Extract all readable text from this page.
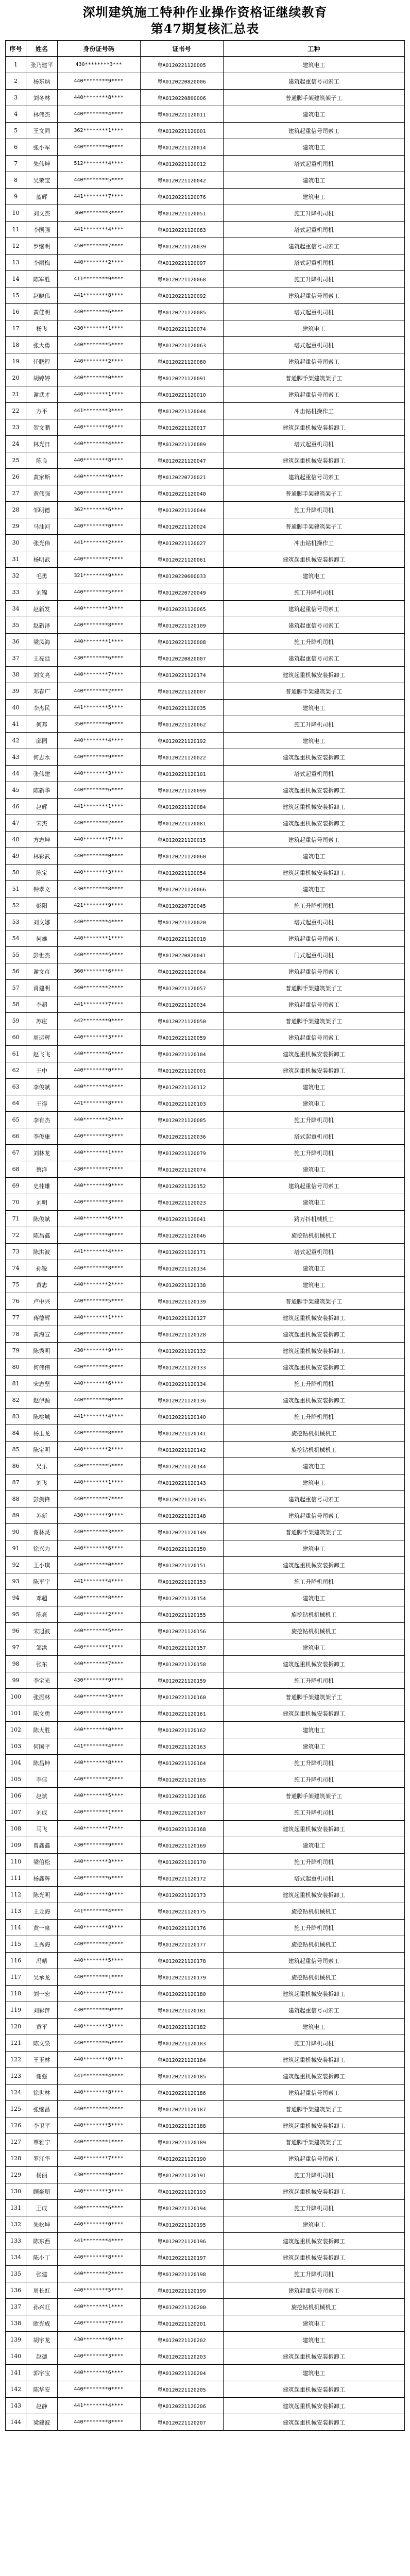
深圳建筑施工特种作业操作资格证继续教育
第47期复核汇总表
序号	姓名	身份证号码	证书号	工种
1	张乃建平	430********3***	粤A0120221120005	建筑电工
2	杨东炳	440********9****	粤A0120220820006	建筑起重信号司索工
3	刘冬林	440********8****	粤A0120220800006	普通脚手架建筑架子工
4	林伟杰	440********4****	粤A0120221120011	建筑电工
5	王文同	362********1****	粤A0120221120001	建筑起重信号司索工
6	张小军	440********0****	粤A0120221120014	建筑电工
7	朱伟坤	512********4****	粤A0120221120012	塔式起重机司机
8	吴荣宝	440********5****	粤A0120221120042	建筑电工
9	蓝辉	441********7****	粤A0120221120076	建筑电工
10	刘文杰	360********3****	粤A0120221120051	施工升降机司机
11	李国强	441********4****	粤A0120221120083	塔式起重机司机
12	罗继明	450********7****	粤A0120221120039	建筑起重信号司索工
13	李丽梅	440********2****	粤A0120221120097	塔式起重机司机
14	陈军胜	411********9****	粤A0120221120068	施工升降机司机
15	赵晓伟	441********8****	粤A0120221120092	建筑起重信号司索工
16	黄佳明	440********6****	粤A0120221120085	塔式起重机司机
17	杨飞	430********1****	粤A0120221120074	建筑电工
18	张大勇	440********5****	粤A0120221120063	塔式起重机司机
19	任鹏程	440********2****	粤A0120221120080	建筑起重信号司索工
20	胡婷婷	440********0****	粤A0120221120091	普通脚手架建筑架子工
21	谢武才	440********1****	粤A0120221120010	建筑起重信号司索工
22	方平	441********3****	粤A0120221120044	冲击钻机操作工
23	贺文鹏	440********6****	粤A0120221120017	建筑起重机械安装拆卸工
24	林光日	440********4****	粤A0120221120089	塔式起重机司机
25	陈良	440********8****	粤A0120221120047	建筑起重机械安装拆卸工
26	黄家斯	440********9****	粤A0120220720021	建筑起重信号司索工
27	黄伟强	430********1****	粤A0120221120040	普通脚手架建筑架子工
28	邹明德	362********6****	粤A0120221120044	施工升降机司机
29	马汕河	440********0****	粤A0120221120024	普通脚手架建筑架子工
30	张光伟	441********2****	粤A0120221120027	冲击钻机操作工
31	杨明武	440********7****	粤A0120221120061	建筑起重机械安装拆卸工
32	毛勇	321********9****	粤A0120220600033	建筑电工
33	刘锦	440********5****	粤A0120220720049	施工升降机司机
34	赵新发	440********3****	粤A0120221120065	建筑起重信号司索工
35	赵新泽	440********8****	粤A0120221120109	建筑起重信号司索工
36	梁凤海	440********1****	粤A0120221120008	施工升降机司机
37	王亮廷	430********6****	粤A0120220820007	建筑起重信号司索工
38	刘文亮	440********7****	粤A0120221120174	建筑起重机械安装拆卸工
39	邓春广	440********2****	粤A0120221120007	普通脚手架建筑架子工
40	李杰民	441********5****	粤A0120221120035	建筑电工
41	何邦	350********0****	粤A0120221120062	施工升降机司机
42	邱园	440********4****	粤A0120221120192	建筑电工
43	何志水	440********9****	粤A0120221120022	建筑起重机械安装拆卸工
44	张伟建	440********3****	粤A0120221120101	塔式起重机司机
45	陈新华	440********6****	粤A0120221120099	建筑起重机械安装拆卸工
46	赵辉	441********1****	粤A0120221120084	建筑起重机械安装拆卸工
47	宋杰	440********2****	粤A0120221120081	建筑起重机械安装拆卸工
48	方志坤	440********7****	粤A0120221120015	建筑起重信号司索工
49	林彩武	440********0****	粤A0120221120060	建筑电工
50	陈宝	440********3****	粤A0120221120054	建筑起重机械安装拆卸工
51	钟孝文	430********8****	粤A0120221120066	建筑电工
52	彭阳	421********9****	粤A0120220720045	施工升降机司机
53	刘文娜	440********4****	粤A0120221120020	塔式起重机司机
54	何雄	440********1****	粤A0120221120018	建筑起重信号司索工
55	彭世杰	440********5****	粤A0120220820041	门式起重机司机
56	谢文彦	360********6****	粤A0120221120064	建筑起重信号司索工
57	肖建明	440********2****	粤A0120221120057	普通脚手架建筑架子工
58	李超	441********7****	粤A0120221120034	建筑起重信号司索工
59	苏庄	442********9****	粤A0120221120050	普通脚手架建筑架子工
60	周运辉	440********3****	粤A0120221120059	建筑起重信号司索工
61	赵飞飞	440********6****	粤A0120221120104	建筑起重机械安装拆卸工
62	王中	440********0****	粤A0120221120001	建筑起重机械安装拆卸工
63	李俊斌	440********4****	粤A0120221120112	建筑电工
64	王得	441********8****	粤A0120221120103	建筑电工
65	李有杰	440********2****	粤A0120221120085	施工升降机司机
66	李俊康	440********5****	粤A0120221120036	塔式起重机司机
67	刘林龙	440********1****	粤A0120221120079	施工升降机司机
68	蔡洋	430********7****	粤A0120221120074	建筑电工
69	史桂雄	440********9****	粤A0120221120152	建筑起重信号司索工
70	刘明	440********3****	粤A0120221120023	建筑电工
71	陈俊斌	440********6****	粤A0120221120041	路万抖机械机工
72	陈昌鑫	440********0****	粤A0120221120046	旋挖钻机机械机工
73	陈洪波	441********4****	粤A0120221120171	塔式起重机司机
74	孙锐	440********8****	粤A0120221120134	建筑电工
75	黄志	440********2****	粤A0120221120138	建筑电工
76	卢中兴	440********5****	粤A0120221120139	普通脚手架建筑架子工
77	蒋德辉	440********1****	粤A0120221120127	建筑起重机械安装拆卸工
78	黄海宣	440********7****	粤A0120221120128	建筑起重机械安装拆卸工
79	陈秀明	430********9****	粤A0120221120132	建筑起重机械安装拆卸工
80	何伟伟	440********3****	粤A0120221120133	建筑起重机械安装拆卸工
81	宋志坚	440********6****	粤A0120221120134	施工升降机司机
82	赵伊源	440********0****	粤A0120221120136	建筑起重机械安装拆卸工
83	陈桃城	441********4****	粤A0120221120140	施工升降机司机
84	杨玉龙	440********8****	粤A0120221120141	旋挖钻机机械机工
85	陈宝明	440********2****	粤A0120221120142	旋挖钻机机械机工
86	吴乐	440********5****	粤A0120221120144	建筑电工
87	刘飞	440********1****	粤A0120221120143	建筑电工
88	彭剑锋	440********7****	粤A0120221120145	建筑起重信号司索工
89	苏新	430********9****	粤A0120221120148	建筑起重信号司索工
90	谢林灵	440********3****	粤A0120221120149	普通脚手架建筑架子工
91	徐兴力	440********6****	粤A0120221120150	建筑电工
92	王小琪	440********0****	粤A0120221120151	建筑起重机械安装拆卸工
93	陈平宇	441********4****	粤A0120221120153	施工升降机司机
94	邓超	440********8****	粤A0120221120154	建筑电工
95	陈亮	440********2****	粤A0120221120155	旋挖钻机机械机工
96	宋旭波	440********5****	粤A0120221120156	旋挖钻机机械机工
97	邹洪	440********1****	粤A0120221120157	建筑电工
98	张东	440********7****	粤A0120221120158	建筑起重机械安装拆卸工
99	李宝光	430********9****	粤A0120221120159	施工升降机司机
100	张振林	440********3****	粤A0120221120160	普通脚手架建筑架子工
101	陈文勇	440********6****	粤A0120221120161	建筑起重机械安装拆卸工
102	陈大胜	440********0****	粤A0120221120162	建筑电工
103	何国平	441********4****	粤A0120221120163	建筑电工
104	陈昌坤	440********8****	粤A0120221120164	施工升降机司机
105	李佳	440********2****	粤A0120221120165	施工升降机司机
106	赵斌	440********5****	粤A0120221120166	普通脚手架建筑架子工
107	刘成	440********1****	粤A0120221120167	施工升降机司机
108	马飞	440********7****	粤A0120221120168	建筑起重机械安装拆卸工
109	曾鑫鑫	430********9****	粤A0120221120169	建筑电工
110	梁伯松	440********3****	粤A0120221120170	施工升降机司机
111	杨鑫辉	440********6****	粤A0120221120172	塔式起重机司机
112	陈光明	440********0****	粤A0120221120173	建筑起重机械安装拆卸工
113	王龙海	441********4****	粤A0120221120175	旋挖钻机机械机工
114	黄一泉	440********8****	粤A0120221120176	施工升降机司机
115	王秀海	440********2****	粤A0120221120177	旋挖钻机机械机工
116	冯晴	440********5****	粤A0120221120178	建筑起重信号司索工
117	吴承龙	440********1****	粤A0120221120179	旋挖钻机机械机工
118	刘一宏	440********7****	粤A0120221120180	建筑起重机械安装拆卸工
119	刘彩萍	430********9****	粤A0120221120181	建筑起重信号司索工
120	黄平	440********3****	粤A0120221120182	建筑电工
121	陈文泉	440********6****	粤A0120221120183	施工升降机司机
122	王玉林	440********0****	粤A0120221120184	建筑起重机械安装拆卸工
123	谢强	441********4****	粤A0120221120185	建筑起重机械安装拆卸工
124	徐世林	440********8****	粤A0120221120186	建筑起重信号司索工
125	张继昌	440********2****	粤A0120221120187	普通脚手架建筑架子工
126	李卫平	440********5****	粤A0120221120188	建筑起重机械安装拆卸工
127	覃雅宁	440********1****	粤A0120221120189	普通脚手架建筑架子工
128	罗江华	440********7****	粤A0120221120190	建筑起重信号司索工
129	杨丽	430********9****	粤A0120221120191	施工升降机司机
130	顾豪朋	440********3****	粤A0120221120193	建筑起重机械安装拆卸工
131	王成	440********6****	粤A0120221120194	施工升降机司机
132	朱松坤	440********0****	粤A0120221120195	建筑电工
133	陈东西	441********4****	粤A0120221120196	建筑起重机械安装拆卸工
134	陈小丁	440********8****	粤A0120221120197	建筑起重机械安装拆卸工
135	张建	440********2****	粤A0120221120198	施工升降机司机
136	周长虹	440********5****	粤A0120221120199	建筑起重信号司索工
137	孙兴旺	440********1****	粤A0120221120200	旋挖钻机机械机工
138	欧光成	440********7****	粤A0120221120201	建筑电工
139	胡宇龙	430********9****	粤A0120221120202	建筑电工
140	赵德	440********3****	粤A0120221120203	建筑起重机械安装拆卸工
141	郭宇宝	440********6****	粤A0120221120204	建筑电工
142	陈华安	440********0****	粤A0120221120205	建筑起重机械安装拆卸工
143	赵静	441********4****	粤A0120221120206	建筑起重机械安装拆卸工
144	梁建波	440********8****	粤A0120221120207	建筑起重机械安装拆卸工
